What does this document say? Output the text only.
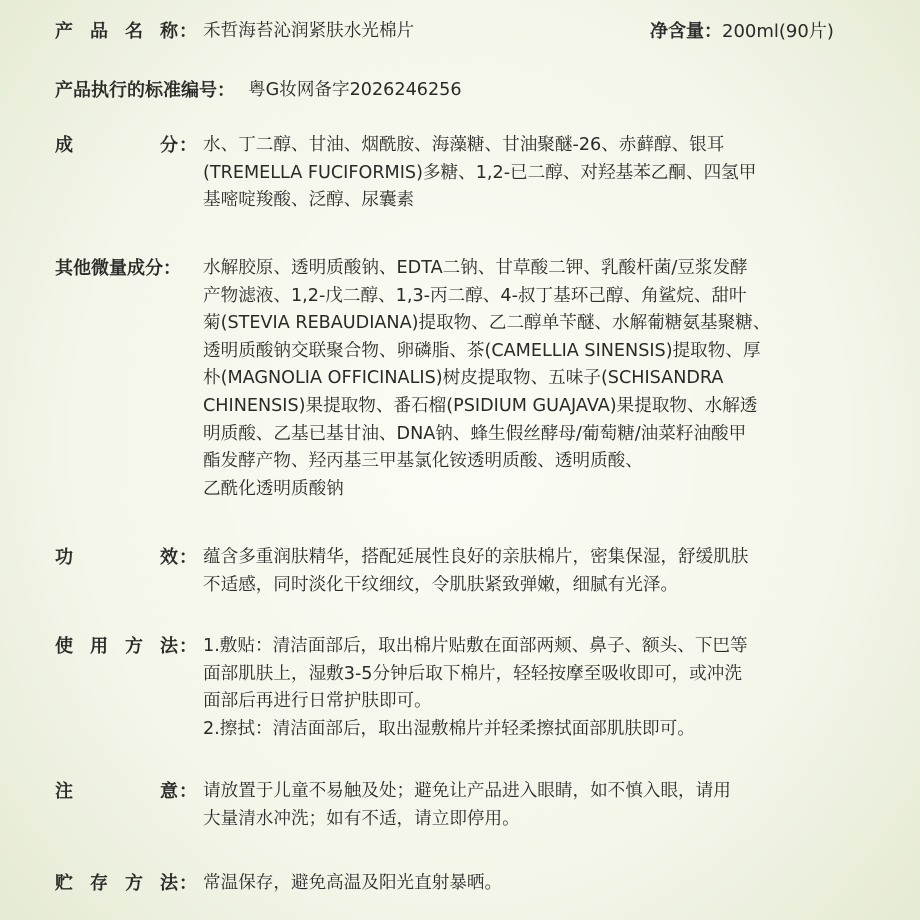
产 品 名 称： 禾哲海苔沁润紧肤水光棉片	净含量：200ml(90片)
产品执行的标准编号： 粤G妆网备字2026246256
成	分： 水、丁二醇、甘油、烟酰胺、海藻糖、甘油聚醚-26、赤藓醇、银耳
(TREMELLA FUCIFORMIS)多糖、1,2-已二醇、对羟基苯乙酮、四氢甲
基嘧啶羧酸、泛醇、尿囊素
其他微量成分：	水解胶原、透明质酸钠、EDTA二钠、甘草酸二钾、乳酸杆菌/豆浆发酵
产物滤液、1,2-戊二醇、1,3-丙二醇、4-叔丁基环己醇、角鲨烷、甜叶
菊(STEVIA REBAUDIANA)提取物、乙二醇单苄醚、水解葡糖氨基聚糖、
透明质酸钠交联聚合物、卵磷脂、茶(CAMELLIA SINENSIS)提取物、厚
朴(MAGNOLIA OFFICINALIS)树皮提取物、五味子(SCHISANDRA
CHINENSIS)果提取物、番石榴(PSIDIUM GUAJAVA)果提取物、水解透
明质酸、乙基已基甘油、DNA钠、蜂生假丝酵母/葡萄糖/油菜籽油酸甲
酯发酵产物、羟丙基三甲基氯化铵透明质酸、透明质酸、
乙酰化透明质酸钠
功	效： 蕴含多重润肤精华，搭配延展性良好的亲肤棉片，密集保湿，舒缓肌肤
不适感，同时淡化干纹细纹，令肌肤紧致弹嫩，细腻有光泽。
使 用 方 法： 1.敷贴：清洁面部后，取出棉片贴敷在面部两颊、鼻子、额头、下巴等
面部肌肤上，湿敷3-5分钟后取下棉片，轻轻按摩至吸收即可，或冲洗
面部后再进行日常护肤即可。
2.擦拭：清洁面部后，取出湿敷棉片并轻柔擦拭面部肌肤即可。
注	意： 请放置于儿童不易触及处；避免让产品进入眼睛，如不慎入眼，请用
大量清水冲洗；如有不适，请立即停用。
贮 存 方 法： 常温保存，避免高温及阳光直射暴晒。
